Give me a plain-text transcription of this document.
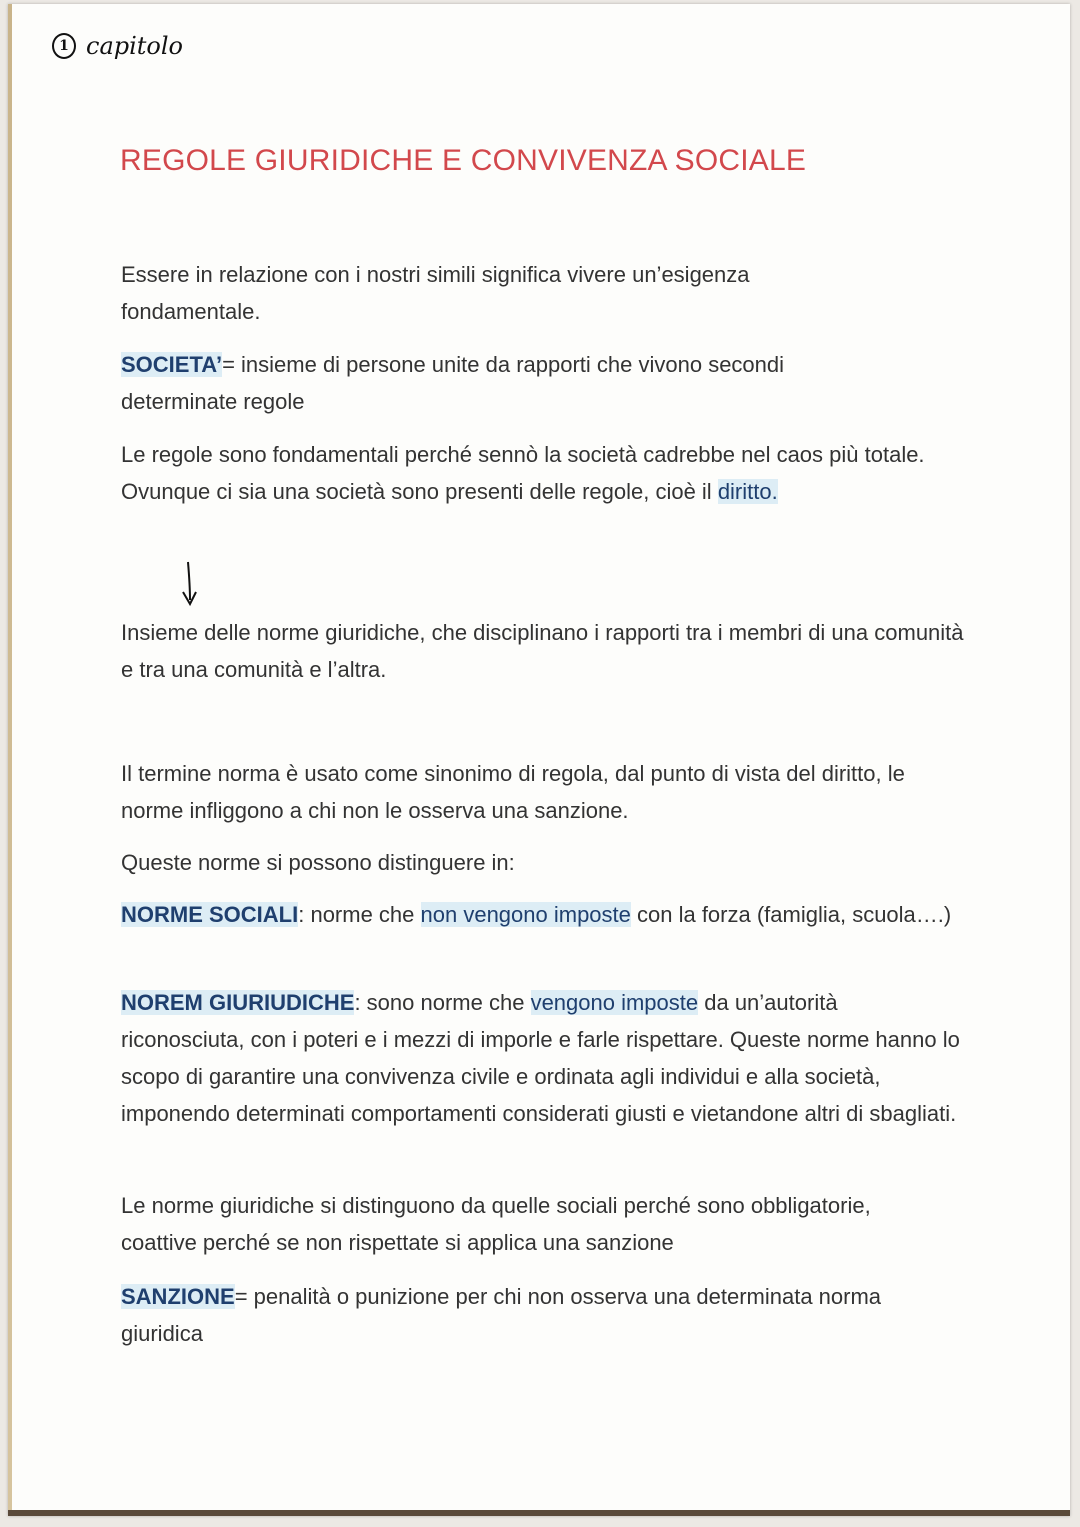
1 capitolo
REGOLE GIURIDICHE E CONVIVENZA SOCIALE

Essere in relazione con i nostri simili significa vivere un’esigenza fondamentale.

SOCIETA’= insieme di persone unite da rapporti che vivono secondi determinate regole

Le regole sono fondamentali perché sennò la società cadrebbe nel caos più totale. Ovunque ci sia una società sono presenti delle regole, cioè il diritto.

Insieme delle norme giuridiche, che disciplinano i rapporti tra i membri di una comunità e tra una comunità e l’altra.

Il termine norma è usato come sinonimo di regola, dal punto di vista del diritto, le norme infliggono a chi non le osserva una sanzione.

Queste norme si possono distinguere in:

NORME SOCIALI: norme che non vengono imposte con la forza (famiglia, scuola….)

NOREM GIURIUDICHE: sono norme che vengono imposte da un’autorità riconosciuta, con i poteri e i mezzi di imporle e farle rispettare. Queste norme hanno lo scopo di garantire una convivenza civile e ordinata agli individui e alla società, imponendo determinati comportamenti considerati giusti e vietandone altri di sbagliati.

Le norme giuridiche si distinguono da quelle sociali perché sono obbligatorie, coattive perché se non rispettate si applica una sanzione

SANZIONE= penalità o punizione per chi non osserva una determinata norma giuridica
